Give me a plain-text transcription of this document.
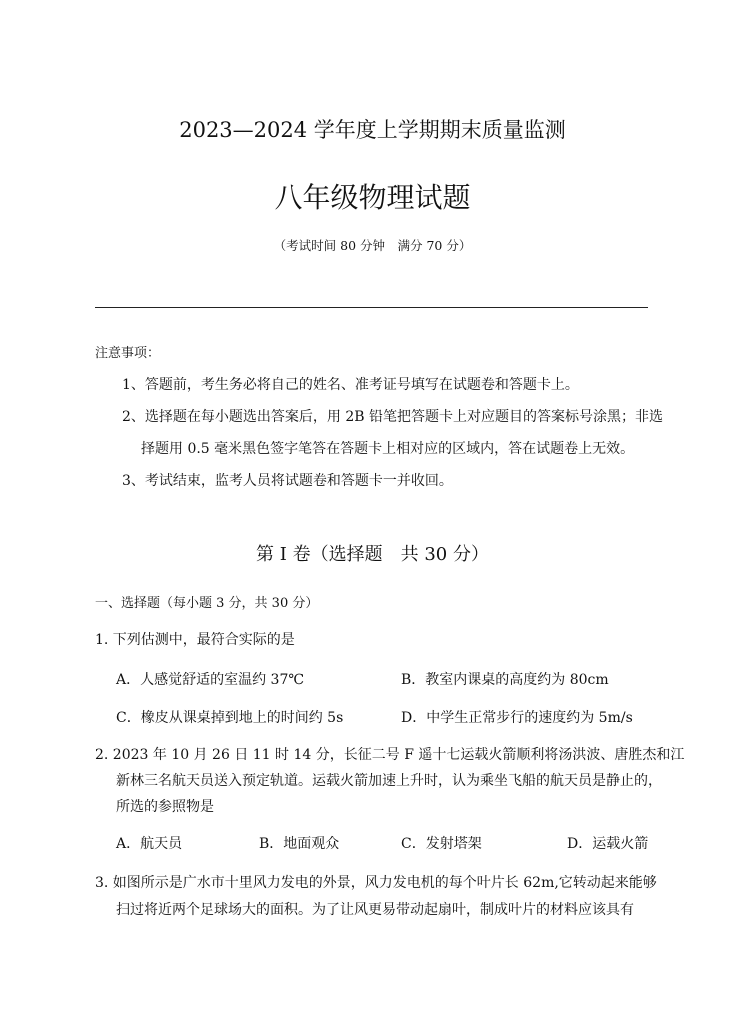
2023—2024 学年度上学期期末质量监测
八年级物理试题
（考试时间 80 分钟　满分 70 分）
注意事项：
1、答题前，考生务必将自己的姓名、准考证号填写在试题卷和答题卡上。
2、选择题在每小题选出答案后，用 2B 铅笔把答题卡上对应题目的答案标号涂黑；非选
择题用 0.5 毫米黑色签字笔答在答题卡上相对应的区域内，答在试题卷上无效。
3、考试结束，监考人员将试题卷和答题卡一并收回。
第 I 卷（选择题　共 30 分）
一、选择题（每小题 3 分，共 30 分）
1. 下列估测中，最符合实际的是
A．人感觉舒适的室温约 37℃	B．教室内课桌的高度约为 80cm
C．橡皮从课桌掉到地上的时间约 5s	D．中学生正常步行的速度约为 5m/s
2. 2023 年 10 月 26 日 11 时 14 分，长征二号 F 遥十七运载火箭顺利将汤洪波、唐胜杰和江
新林三名航天员送入预定轨道。运载火箭加速上升时，认为乘坐飞船的航天员是静止的，
所选的参照物是
A．航天员	B．地面观众	C．发射塔架	D．运载火箭
3. 如图所示是广水市十里风力发电的外景，风力发电机的每个叶片长 62m,它转动起来能够
扫过将近两个足球场大的面积。为了让风更易带动起扇叶，制成叶片的材料应该具有
